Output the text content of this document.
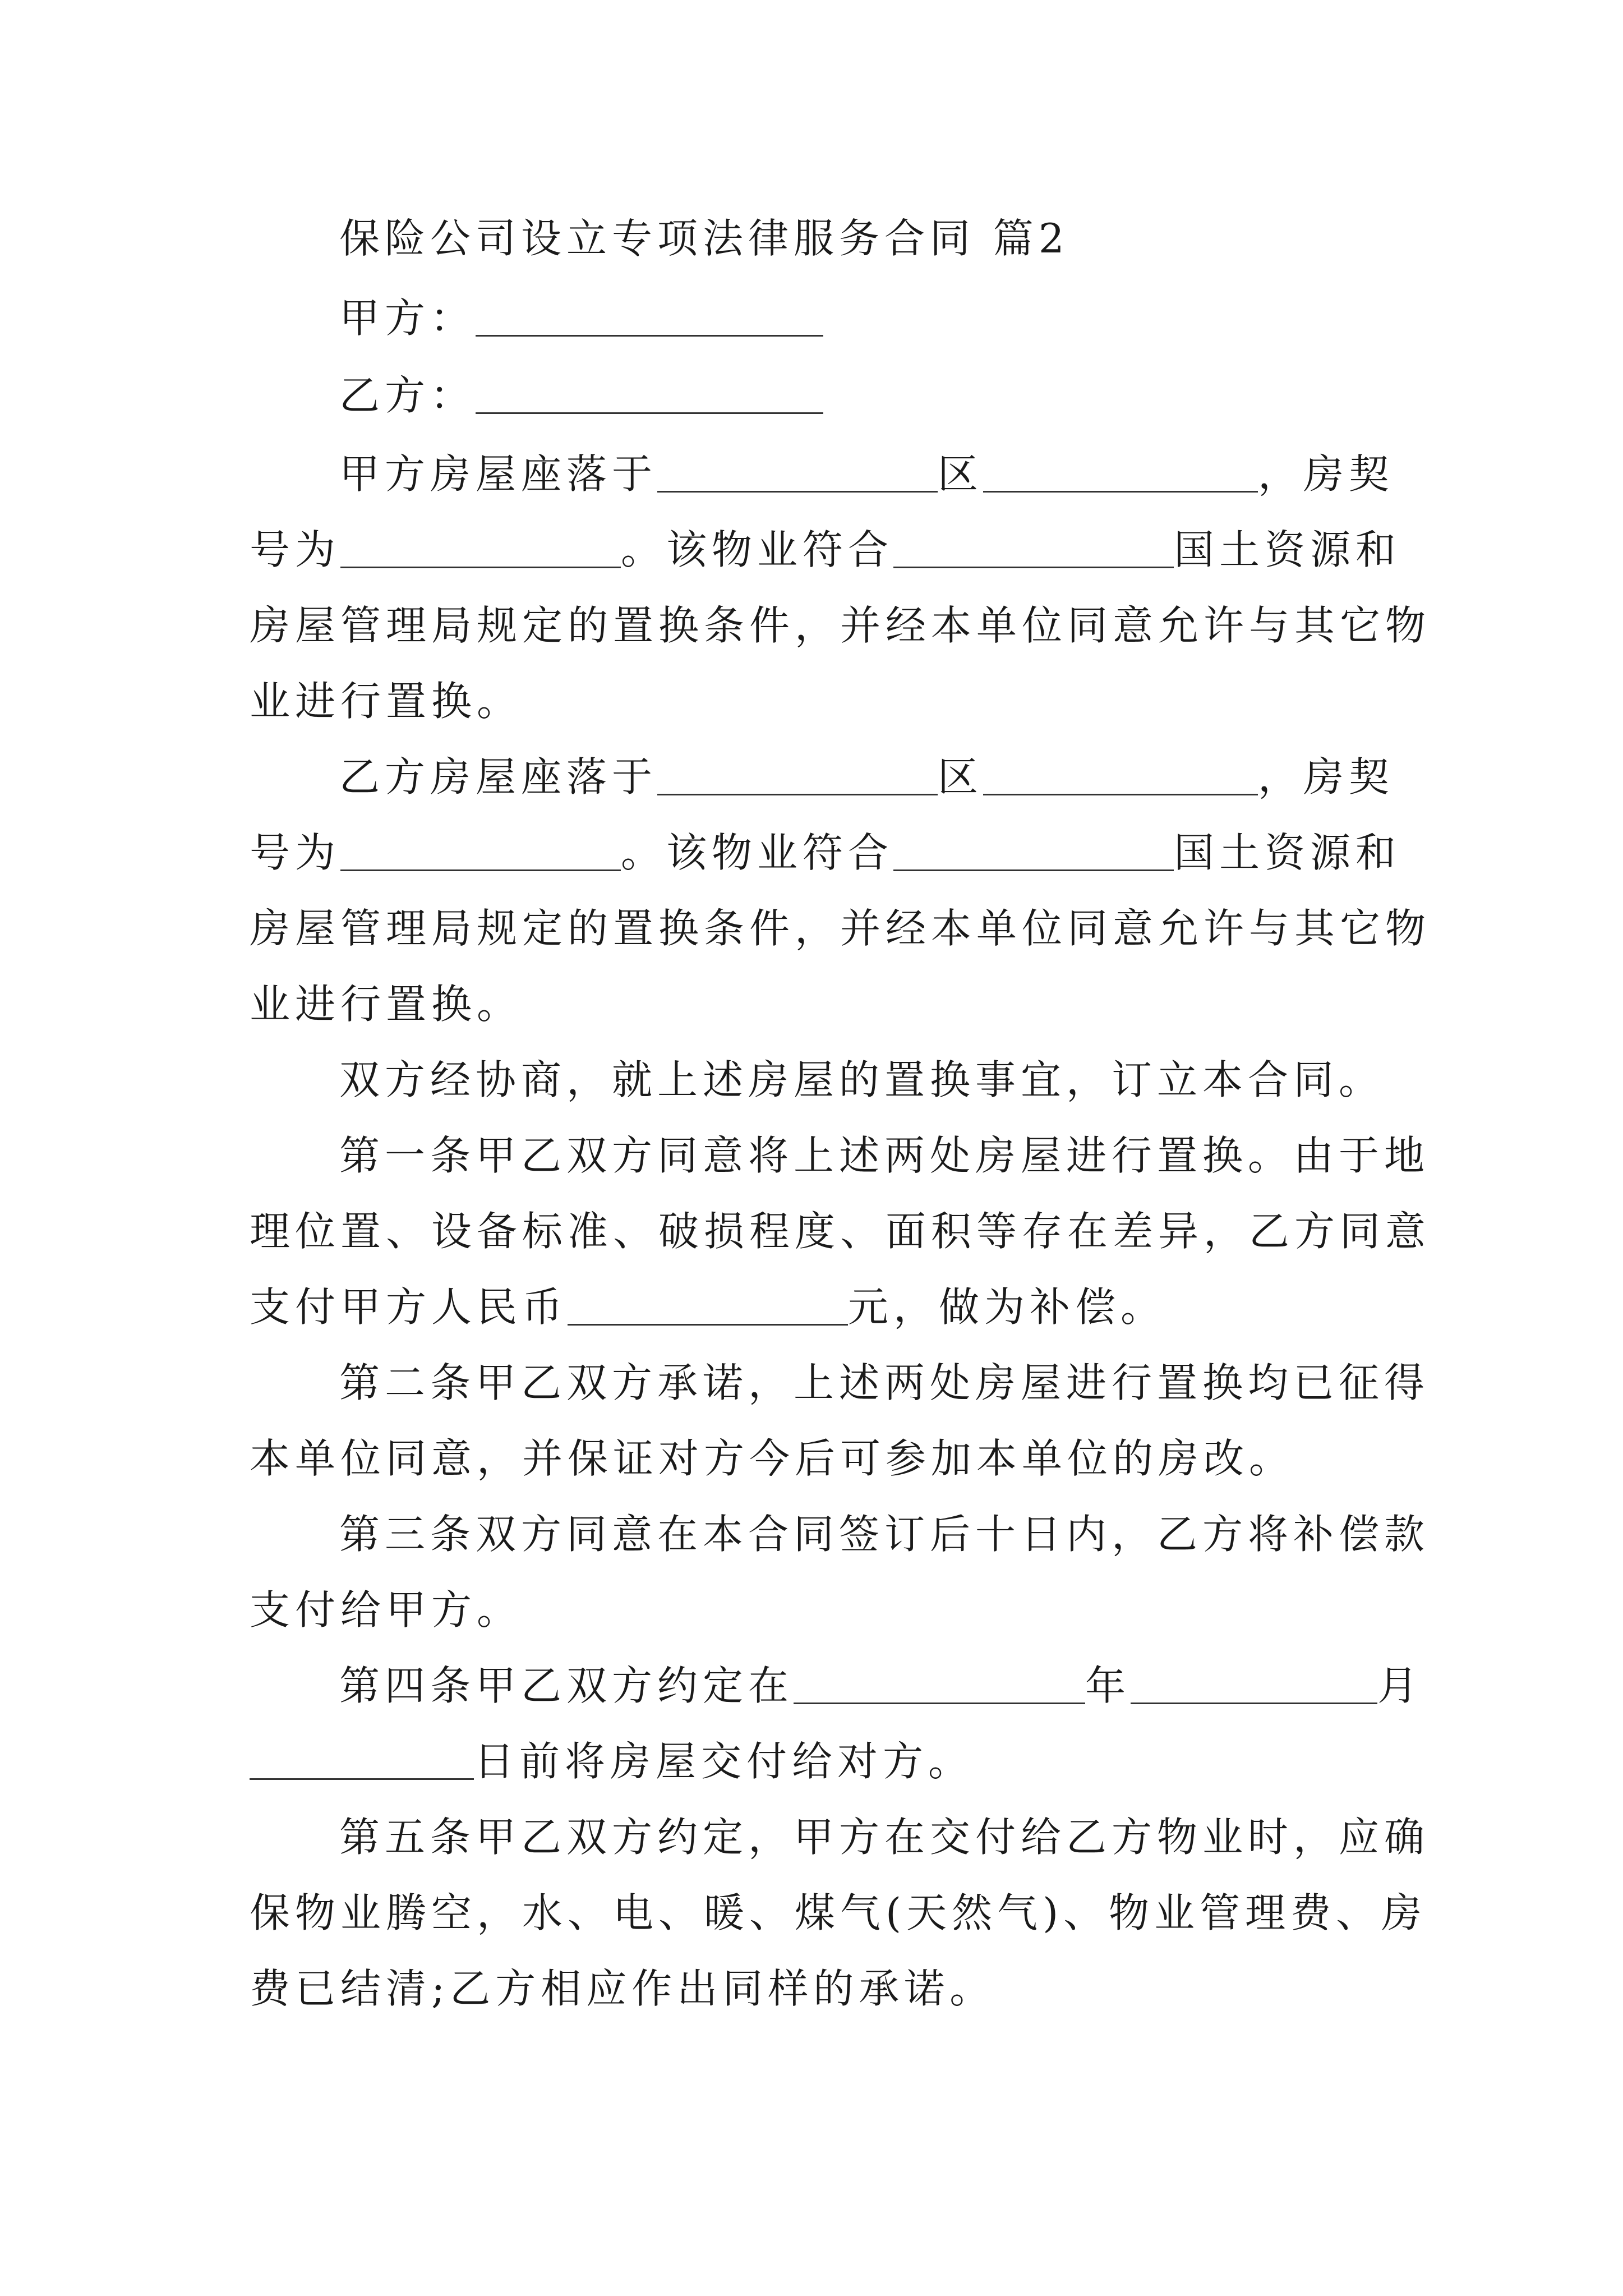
保险公司设立专项法律服务合同 篇2
甲方：
乙方：
甲方房屋座落于	区	，房契
号为	。该物业符合	国土资源和
房屋管理局规定的置换条件，并经本单位同意允许与其它物
业进行置换。
乙方房屋座落于	区	，房契
号为	。该物业符合	国土资源和
房屋管理局规定的置换条件，并经本单位同意允许与其它物
业进行置换。
双方经协商，就上述房屋的置换事宜，订立本合同。
第一条甲乙双方同意将上述两处房屋进行置换。由于地
理位置、设备标准、破损程度、面积等存在差异，乙方同意
支付甲方人民币	元，做为补偿。
第二条甲乙双方承诺，上述两处房屋进行置换均已征得
本单位同意，并保证对方今后可参加本单位的房改。
第三条双方同意在本合同签订后十日内，乙方将补偿款
支付给甲方。
第四条甲乙双方约定在	年	月
日前将房屋交付给对方。
第五条甲乙双方约定，甲方在交付给乙方物业时，应确
保物业腾空，水、电、暖、煤气(天然气)、物业管理费、房
费已结清;乙方相应作出同样的承诺。
